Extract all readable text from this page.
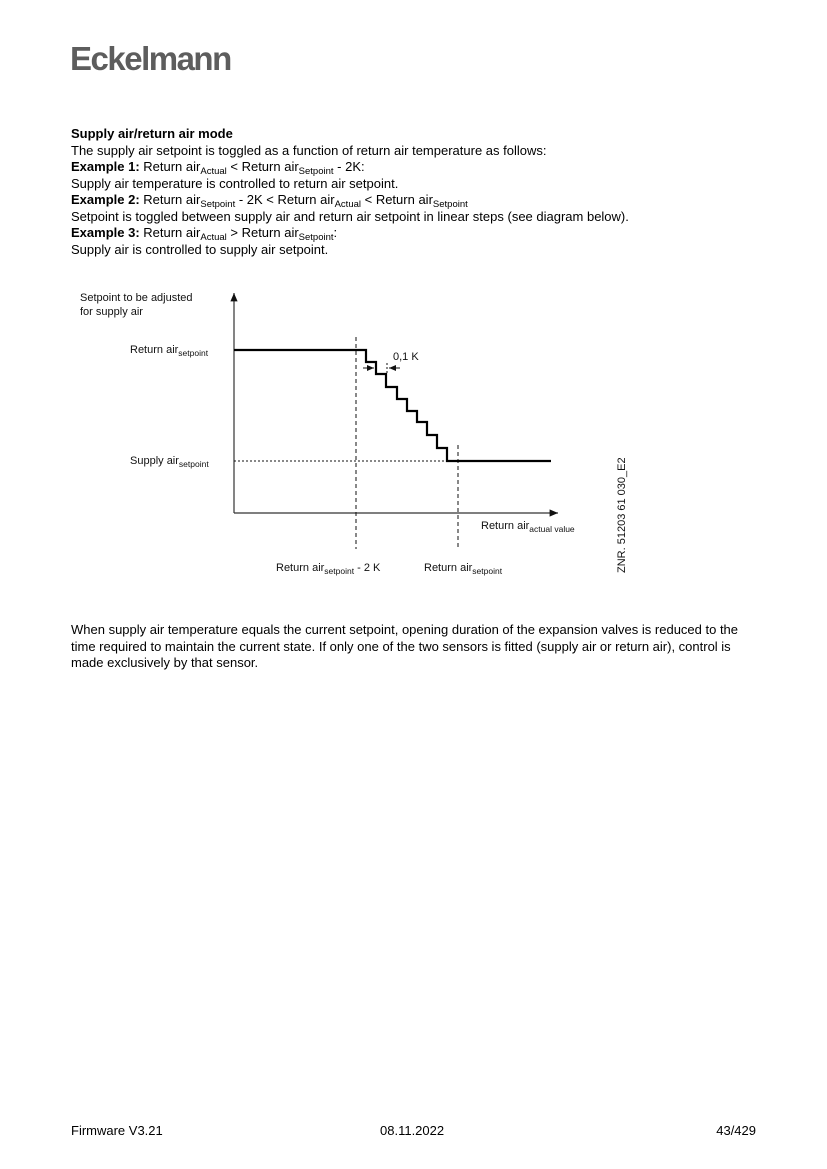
Eckelmann

Supply air/return air mode

The supply air setpoint is toggled as a function of return air temperature as follows:

Example 1: Return air$_{Actual}$ < Return air$_{Setpoint}$ - 2K:

Supply air temperature is controlled to return air setpoint.

Example 2: Return air$_{Setpoint}$ - 2K < Return air$_{Actual}$ < Return air$_{Setpoint}$

Setpoint is toggled between supply air and return air setpoint in linear steps (see diagram below).

Example 3: Return air$_{Actual}$ > Return air$_{Setpoint}$:

Supply air is controlled to supply air setpoint.

Setpoint to be adjusted
for supply air
Return air$_{setpoint}$
Supply air$_{setpoint}$
0,1 K
Return air$_{actual value}$
Return air$_{setpoint}$ - 2 K	Return air$_{setpoint}$	ZNR. 51203 61 030_E2

When supply air temperature equals the current setpoint, opening duration of the expansion valves is reduced to the time required to maintain the current state. If only one of the two sensors is fitted (supply air or return air), control is made exclusively by that sensor.

Firmware V3.21	08.11.2022	43/429
